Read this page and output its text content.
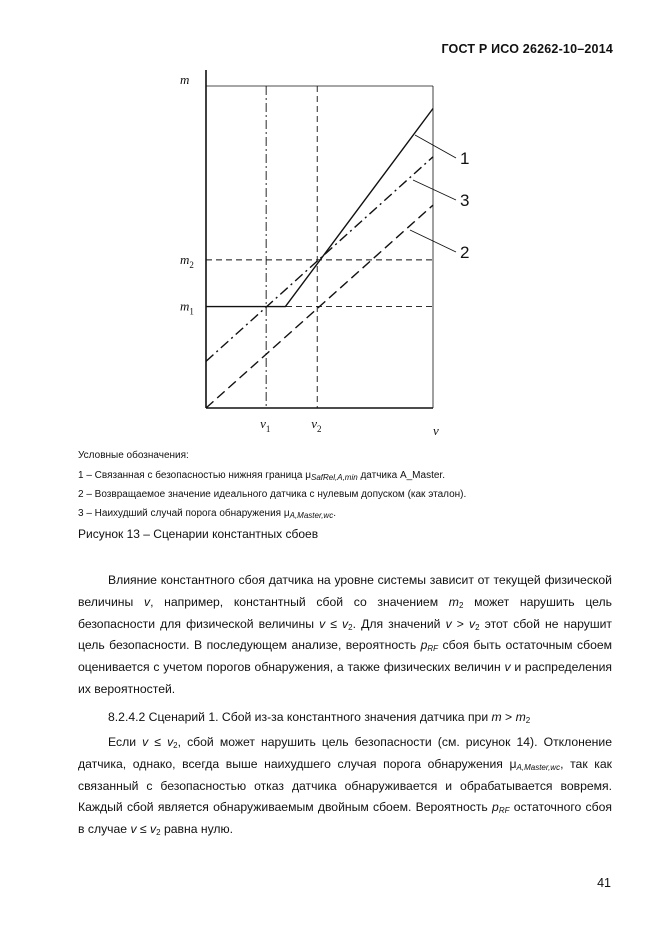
ГОСТ Р ИСО 26262-10–2014
1
3
2
m
v
$v_1$	$v_2$
$m_2$
$m_1$
Условные обозначения:
1 – Связанная с безопасностью нижняя граница $\mu_{SafRel,A,min}$ датчика A_Master.
2 – Возвращаемое значение идеального датчика с нулевым допуском (как эталон).
3 – Наихудший случай порога обнаружения $\mu_{A,Master,wc}$.
Рисунок 13 – Сценарии константных сбоев

Влияние константного сбоя датчика на уровне системы зависит от текущей физической величины v, например, константный сбой со значением $m_2$ может нарушить цель безопасности для физической величины $v \le v_2$. Для значений $v > v_2$ этот сбой не нарушит цель безопасности. В последующем анализе, вероятность $p_{RF}$ сбоя быть остаточным сбоем оценивается с учетом порогов обнаружения, а также физических величин v и распределения их вероятностей.

8.2.4.2 Сценарий 1. Сбой из-за константного значения датчика при $m > m_2$

Если $v \le v_2$, сбой может нарушить цель безопасности (см. рисунок 14). Отклонение датчика, однако, всегда выше наихудшего случая порога обнаружения $\mu_{A,Master,wc}$, так как связанный с безопасностью отказ датчика обнаруживается и обрабатывается вовремя. Каждый сбой является обнаруживаемым двойным сбоем. Вероятность $p_{RF}$ остаточного сбоя в случае $v \le v_2$ равна нулю.

41
